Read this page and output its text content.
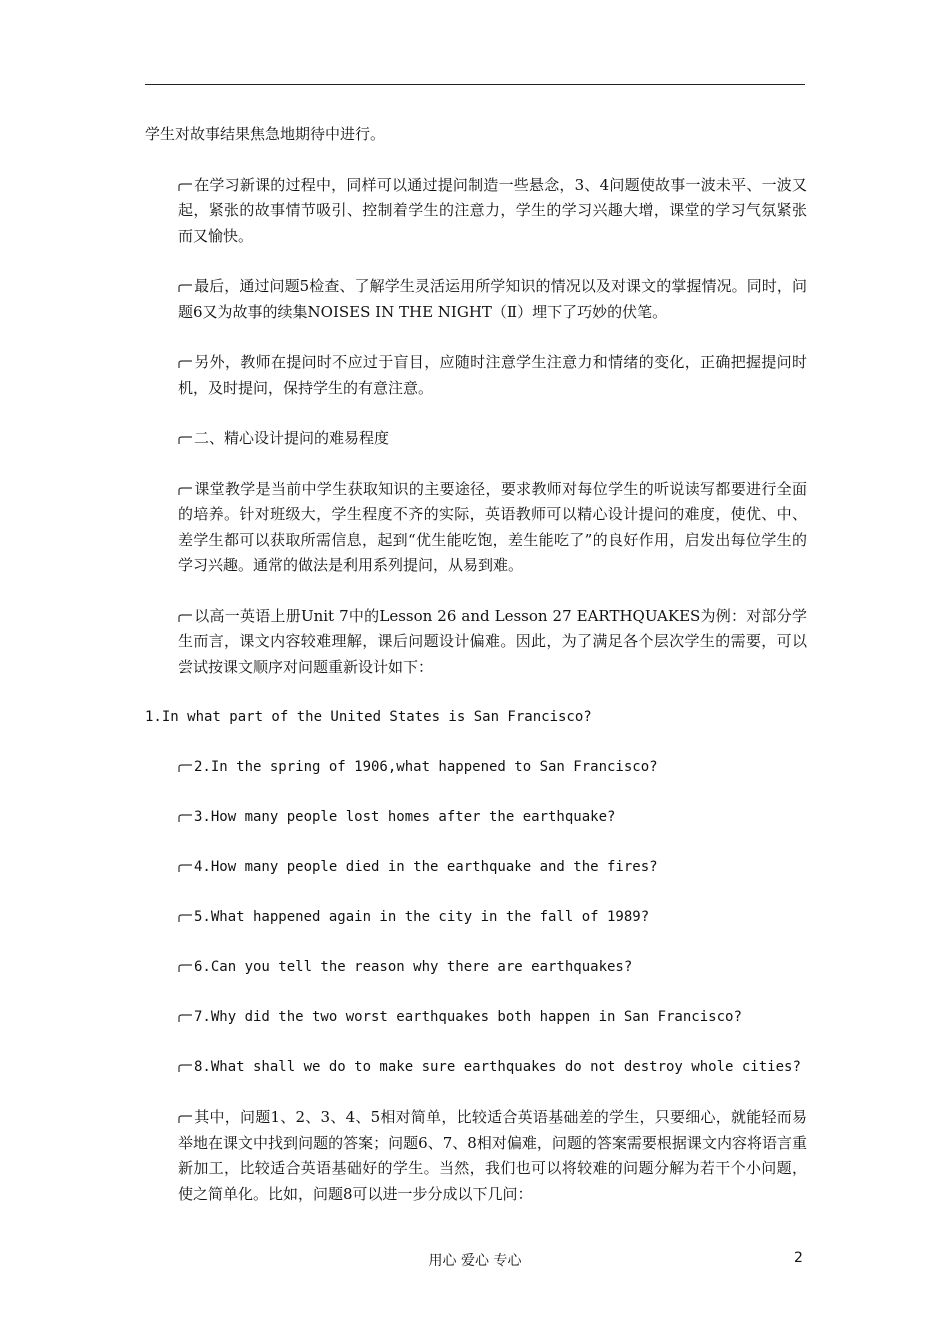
学生对故事结果焦急地期待中进行。

在学习新课的过程中，同样可以通过提问制造一些悬念，3、4问题使故事一波未平、一波又起，紧张的故事情节吸引、控制着学生的注意力，学生的学习兴趣大增，课堂的学习气氛紧张而又愉快。

最后，通过问题5检查、了解学生灵活运用所学知识的情况以及对课文的掌握情况。同时，问题6又为故事的续集NOISES IN THE NIGHT（Ⅱ）埋下了巧妙的伏笔。

另外，教师在提问时不应过于盲目，应随时注意学生注意力和情绪的变化，正确把握提问时机，及时提问，保持学生的有意注意。

二、精心设计提问的难易程度

课堂教学是当前中学生获取知识的主要途径，要求教师对每位学生的听说读写都要进行全面的培养。针对班级大，学生程度不齐的实际，英语教师可以精心设计提问的难度，使优、中、差学生都可以获取所需信息，起到“优生能吃饱，差生能吃了”的良好作用，启发出每位学生的学习兴趣。通常的做法是利用系列提问，从易到难。

以高一英语上册Unit 7中的Lesson 26 and Lesson 27 EARTHQUAKES为例：对部分学生而言，课文内容较难理解，课后问题设计偏难。因此，为了满足各个层次学生的需要，可以尝试按课文顺序对问题重新设计如下：

1.In what part of the United States is San Francisco?

2.In the spring of 1906,what happened to San Francisco?

3.How many people lost homes after the earthquake?

4.How many people died in the earthquake and the fires?

5.What happened again in the city in the fall of 1989?

6.Can you tell the reason why there are earthquakes?

7.Why did the two worst earthquakes both happen in San Francisco?

8.What shall we do to make sure earthquakes do not destroy whole cities?

其中，问题1、2、3、4、5相对简单，比较适合英语基础差的学生，只要细心，就能轻而易举地在课文中找到问题的答案；问题6、7、8相对偏难，问题的答案需要根据课文内容将语言重新加工，比较适合英语基础好的学生。当然，我们也可以将较难的问题分解为若干个小问题，使之简单化。比如，问题8可以进一步分成以下几问：

用心 爱心 专心	2
